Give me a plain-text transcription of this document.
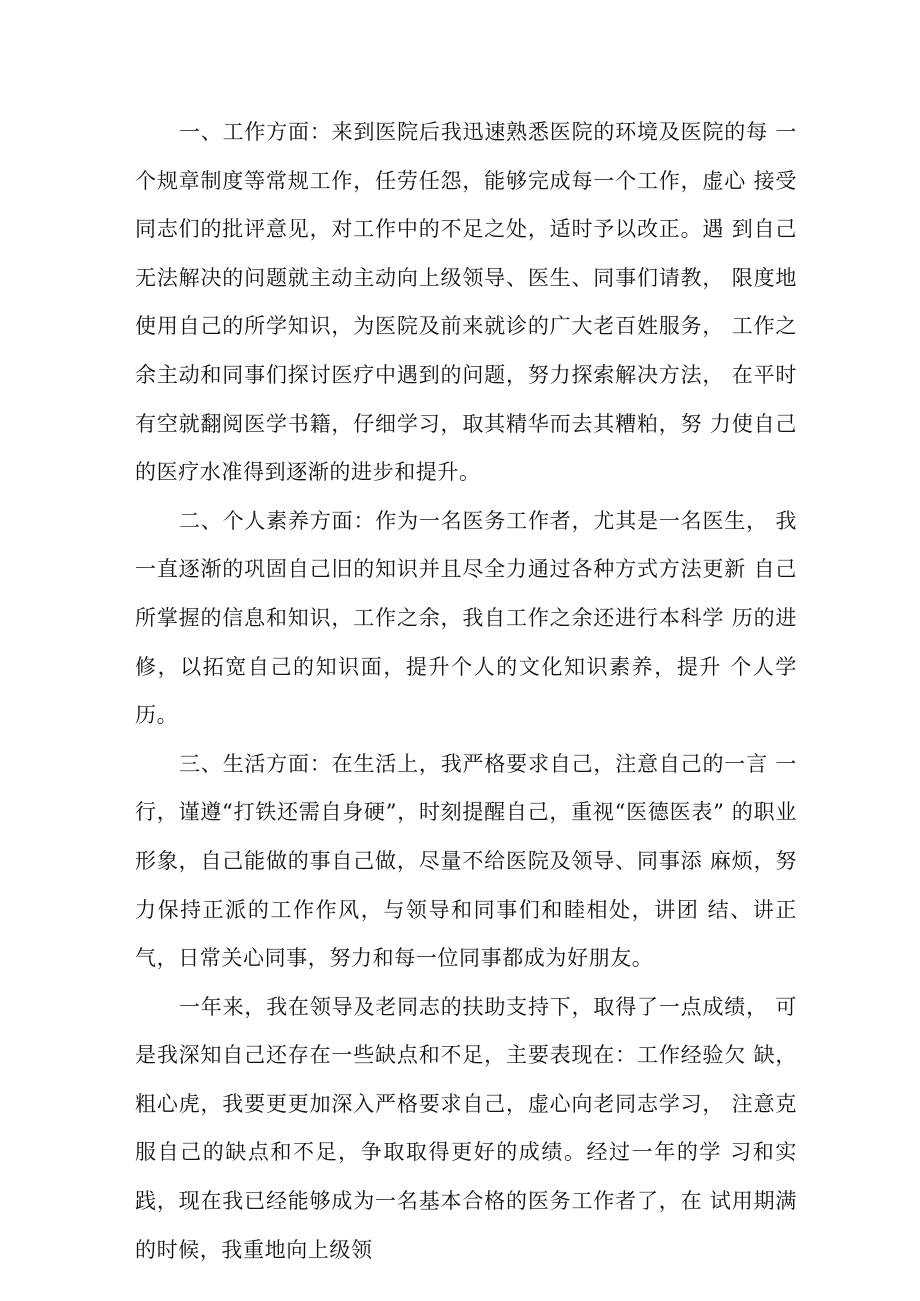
一、工作方面：来到医院后我迅速熟悉医院的环境及医院的每 一个规章制度等常规工作，任劳任怨，能够完成每一个工作，虚心 接受同志们的批评意见，对工作中的不足之处，适时予以改正。遇 到自己无法解决的问题就主动主动向上级领导、医生、同事们请教， 限度地使用自己的所学知识，为医院及前来就诊的广大老百姓服务， 工作之余主动和同事们探讨医疗中遇到的问题，努力探索解决方法， 在平时有空就翻阅医学书籍，仔细学习，取其精华而去其糟粕，努 力使自己的医疗水准得到逐渐的进步和提升。

二、个人素养方面：作为一名医务工作者，尤其是一名医生， 我一直逐渐的巩固自己旧的知识并且尽全力通过各种方式方法更新 自己所掌握的信息和知识，工作之余，我自工作之余还进行本科学 历的进修，以拓宽自己的知识面，提升个人的文化知识素养，提升 个人学历。

三、生活方面：在生活上，我严格要求自己，注意自己的一言 一行，谨遵“打铁还需自身硬”，时刻提醒自己，重视“医德医表” 的职业形象，自己能做的事自己做，尽量不给医院及领导、同事添 麻烦，努力保持正派的工作作风，与领导和同事们和睦相处，讲团 结、讲正气，日常关心同事，努力和每一位同事都成为好朋友。

一年来，我在领导及老同志的扶助支持下，取得了一点成绩， 可是我深知自己还存在一些缺点和不足，主要表现在：工作经验欠 缺，粗心虎，我要更更加深入严格要求自己，虚心向老同志学习， 注意克服自己的缺点和不足，争取取得更好的成绩。经过一年的学 习和实践，现在我已经能够成为一名基本合格的医务工作者了，在 试用期满的时候，我重地向上级领
